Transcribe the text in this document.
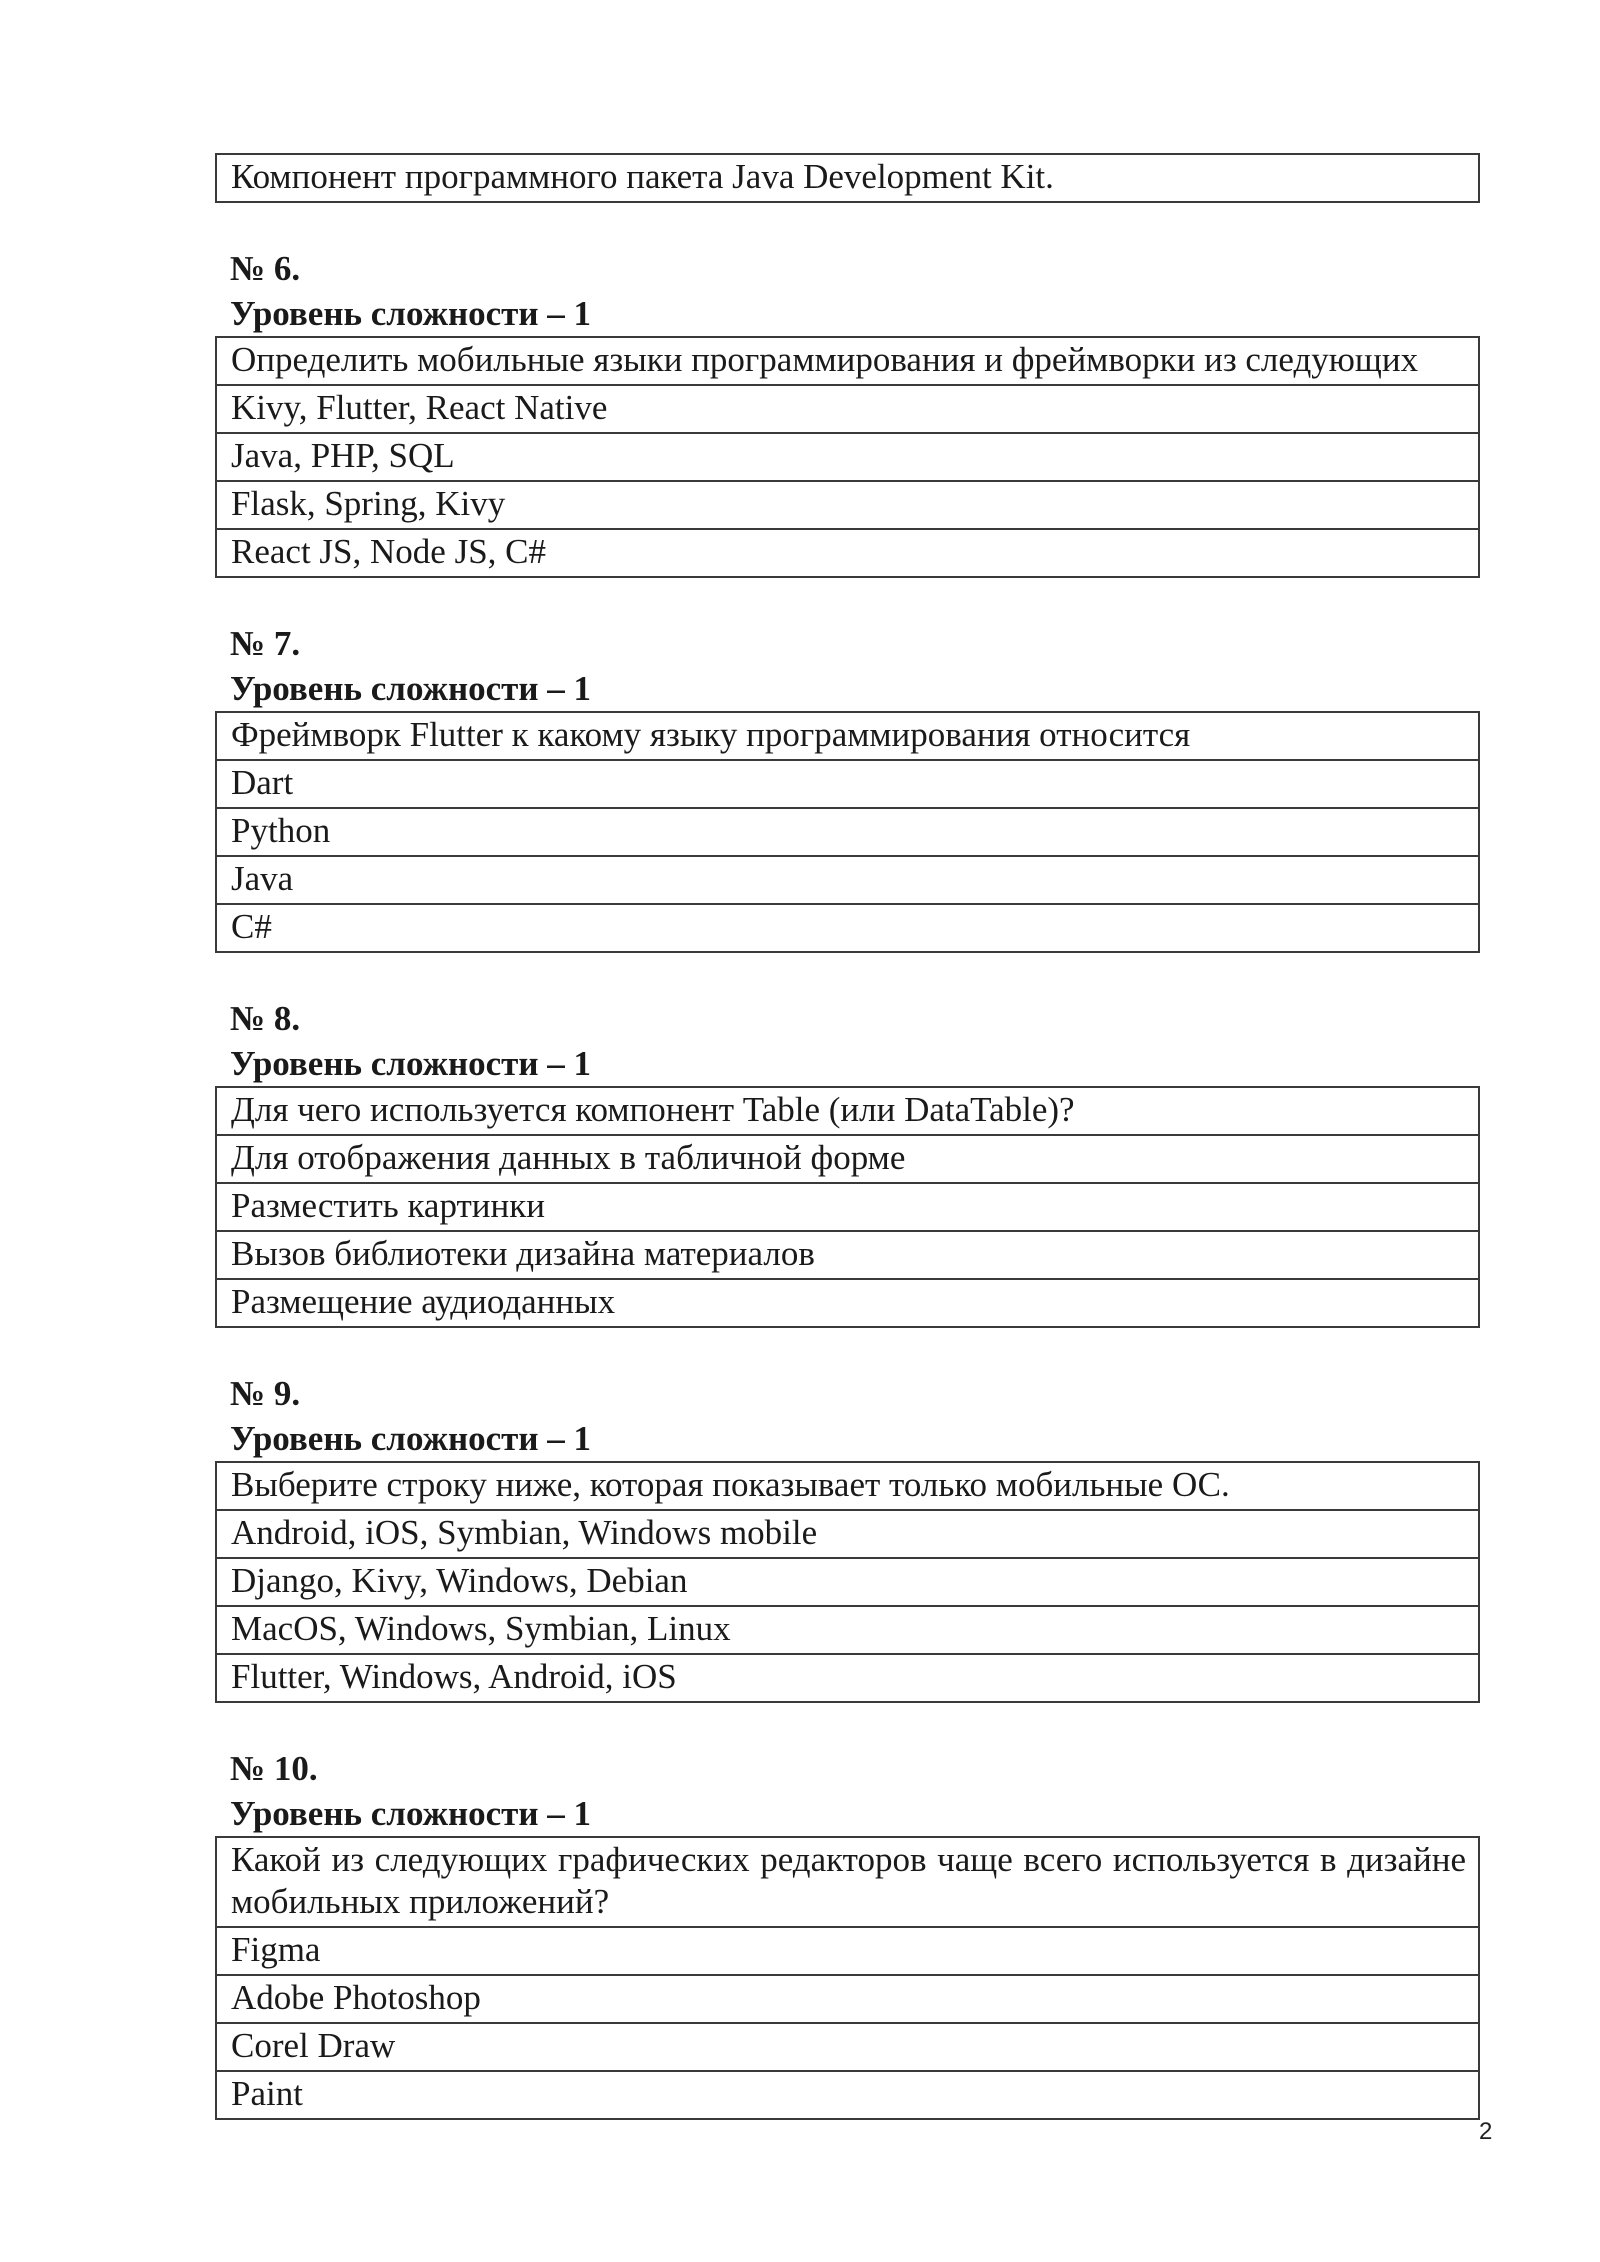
Компонент программного пакета Java Development Kit.

№ 6.

Уровень сложности – 1

Определить мобильные языки программирования и фреймворки из следующих
Kivy, Flutter, React Native
Java, PHP, SQL
Flask, Spring, Kivy
React JS, Node JS, C#

№ 7.

Уровень сложности – 1

Фреймворк Flutter к какому языку программирования относится
Dart
Python
Java
C#

№ 8.

Уровень сложности – 1

Для чего используется компонент Table (или DataTable)?
Для отображения данных в табличной форме
Разместить картинки
Вызов библиотеки дизайна материалов
Размещение аудиоданных

№ 9.

Уровень сложности – 1

Выберите строку ниже, которая показывает только мобильные ОС.
Android, iOS, Symbian, Windows mobile
Django, Kivy, Windows, Debian
MacOS, Windows, Symbian, Linux
Flutter, Windows, Android, iOS

№ 10.

Уровень сложности – 1

Какой из следующих графических редакторов чаще всего используется в дизайне мобильных приложений?
Figma
Adobe Photoshop
Corel Draw
Paint
2
